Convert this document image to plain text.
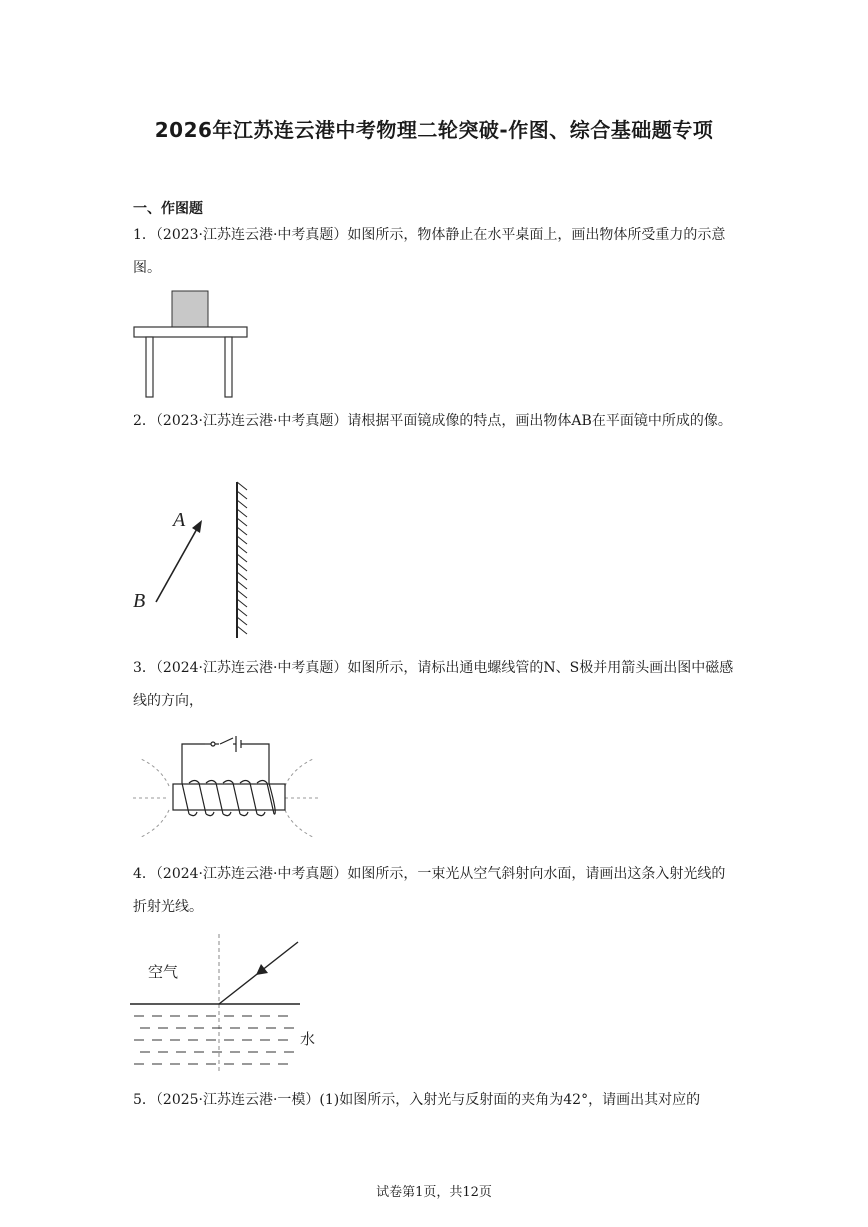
2026年江苏连云港中考物理二轮突破-作图、综合基础题专项
一、作图题
1．（2023·江苏连云港·中考真题）如图所示，物体静止在水平桌面上，画出物体所受重力的示意图。
2．（2023·江苏连云港·中考真题）请根据平面镜成像的特点，画出物体AB在平面镜中所成的像。
A
B
3．（2024·江苏连云港·中考真题）如图所示，请标出通电螺线管的N、S极并用箭头画出图中磁感线的方向，
4．（2024·江苏连云港·中考真题）如图所示，一束光从空气斜射向水面，请画出这条入射光线的折射光线。
空气
水
5．（2025·江苏连云港·一模）(1)如图所示，入射光与反射面的夹角为42°，请画出其对应的
试卷第1页，共12页
